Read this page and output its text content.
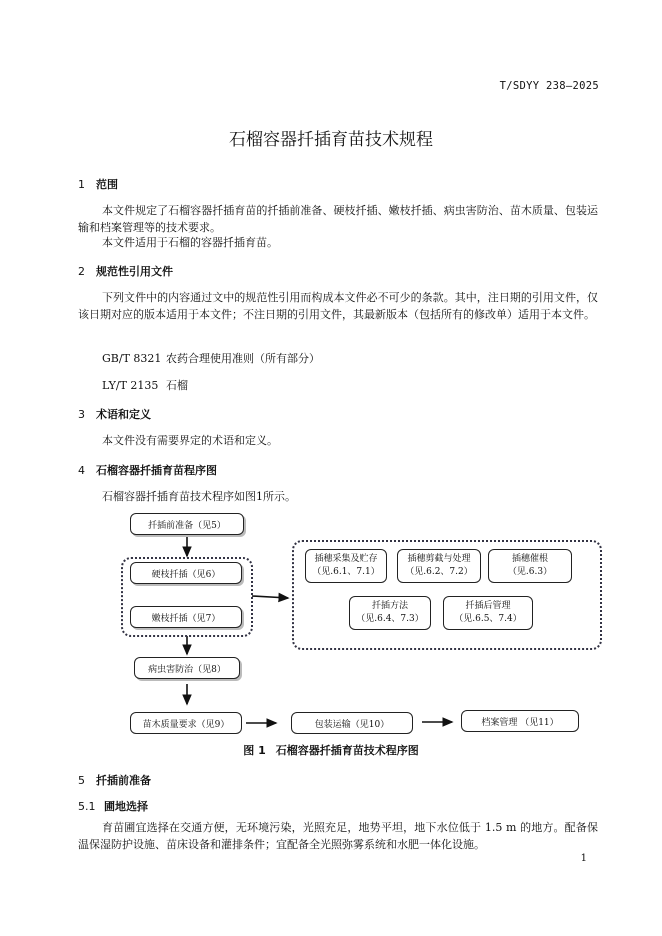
T/SDYY 238—2025
石榴容器扦插育苗技术规程
1 范围

本文件规定了石榴容器扦插育苗的扦插前准备、硬枝扦插、嫩枝扦插、病虫害防治、苗木质量、包装运输和档案管理等的技术要求。

本文件适用于石榴的容器扦插育苗。

2 规范性引用文件

下列文件中的内容通过文中的规范性引用而构成本文件必不可少的条款。其中，注日期的引用文件，仅该日期对应的版本适用于本文件；不注日期的引用文件，其最新版本（包括所有的修改单）适用于本文件。

GB/T 8321 农药合理使用准则（所有部分）
LY/T 2135 石榴
3 术语和定义

本文件没有需要界定的术语和定义。

4 石榴容器扦插育苗程序图

石榴容器扦插育苗技术程序如图1所示。

扦插前准备（见5）
硬枝扦插（见6）
嫩枝扦插（见7）
插穗采集及贮存
（见.6.1、7.1）
插穗剪截与处理
（见.6.2、7.2）
插穗催根
（见.6.3）
扦插方法
（见.6.4、7.3）
扦插后管理
（见.6.5、7.4）
病虫害防治（见8）
苗木质量要求（见9）	包装运输（见10）	档案管理 （见11）
图 1 石榴容器扦插育苗技术程序图
5 扦插前准备
5.1 圃地选择

育苗圃宜选择在交通方便，无环境污染，光照充足，地势平坦，地下水位低于 1.5 m 的地方。配备保温保湿防护设施、苗床设备和灌排条件；宜配备全光照弥雾系统和水肥一体化设施。

1
